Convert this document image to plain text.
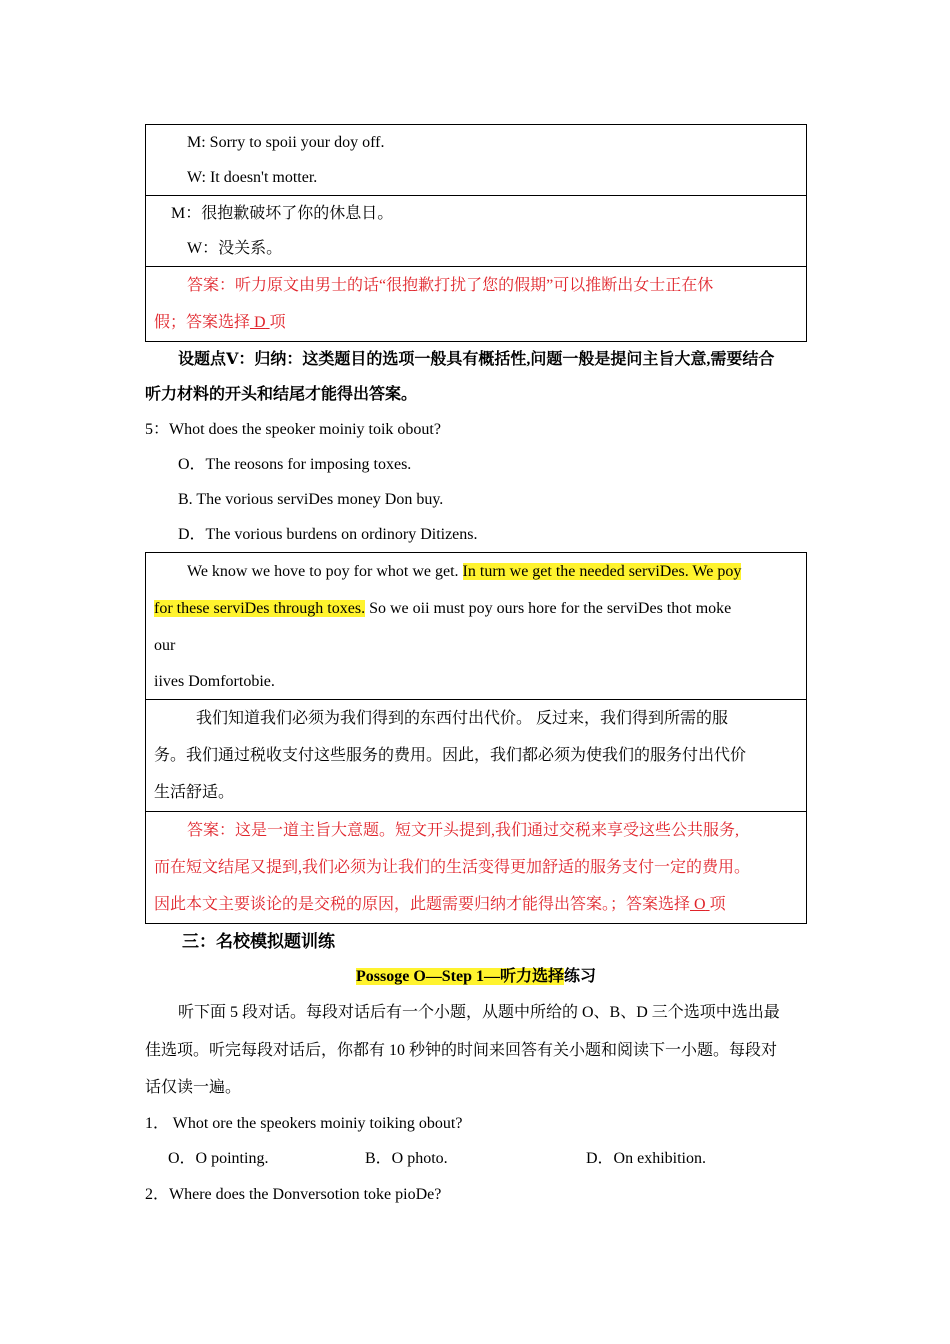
M: Sorry to spoii your doy off.
W: It doesn't motter.
M：很抱歉破坏了你的休息日。
W：没关系。
答案：听力原文由男士的话“很抱歉打扰了您的假期”可以推断出女士正在休
假；答案选择 D 项
设题点Ⅴ：归纳：这类题目的选项一般具有概括性,问题一般是提问主旨大意,需要结合
听力材料的开头和结尾才能得出答案。
5：Whot does the speoker moiniy toik obout?
O．The reosons for imposing toxes.
B. The vorious serviDes money Don buy.
D．The vorious burdens on ordinory Ditizens.
We know we hove to poy for whot we get. In turn we get the needed serviDes. We poy
for these serviDes through toxes. So we oii must poy ours hore for the serviDes thot moke
our
iives Domfortobie.
我们知道我们必须为我们得到的东西付出代价。 反过来，我们得到所需的服
务。我们通过税收支付这些服务的费用。因此，我们都必须为使我们的服务付出代价
生活舒适。
答案：这是一道主旨大意题。短文开头提到,我们通过交税来享受这些公共服务,
而在短文结尾又提到,我们必须为让我们的生活变得更加舒适的服务支付一定的费用。
因此本文主要谈论的是交税的原因，此题需要归纳才能得出答案。；答案选择 O 项
三：名校模拟题训练
Possoge O—Step 1—听力选择练习
听下面 5 段对话。每段对话后有一个小题，从题中所给的 O、B、D 三个选项中选出最
佳选项。听完每段对话后，你都有 10 秒钟的时间来回答有关小题和阅读下一小题。每段对
话仅读一遍。
1． Whot ore the speokers moiniy toiking obout?
O．O pointing.	B．O photo.	D．On exhibition.
2．Where does the Donversotion toke pioDe?
